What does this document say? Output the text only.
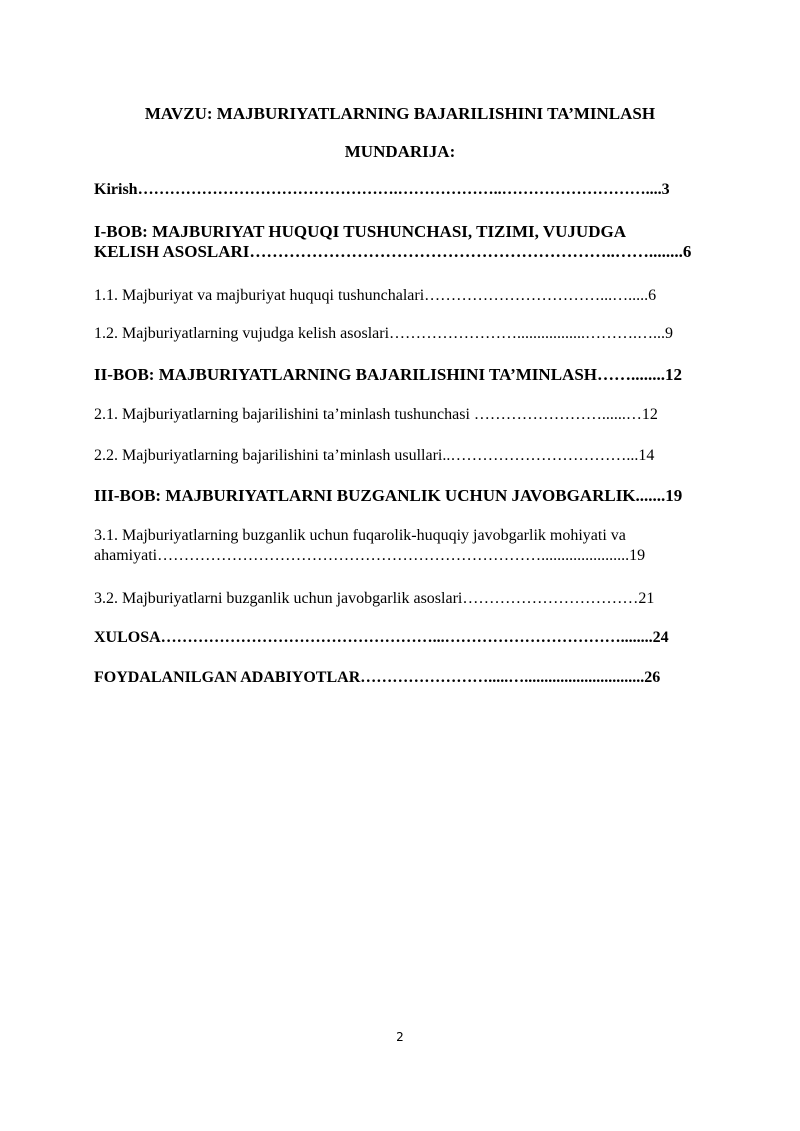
MAVZU: MAJBURIYATLARNING BAJARILISHINI TA’MINLASH
MUNDARIJA:
Kirish………………………………………….………………..………………………....3
I-BOB: MAJBURIYAT HUQUQI TUSHUNCHASI, TIZIMI, VUJUDGA
KELISH ASOSLARI………………………………………………………..……........6
1.1. Majburiyat va majburiyat huquqi tushunchalari……………………………...….....6
1.2. Majburiyatlarning vujudga kelish asoslari…………………….................……….…...9
II-BOB: MAJBURIYATLARNING BAJARILISHINI TA’MINLASH……........12
2.1. Majburiyatlarning bajarilishini ta’minlash tushunchasi ……………………......…12
2.2. Majburiyatlarning bajarilishini ta’minlash usullari..……………………………...14
III-BOB: MAJBURIYATLARNI BUZGANLIK UCHUN JAVOBGARLIK.......19
3.1. Majburiyatlarning buzganlik uchun fuqarolik-huquqiy javobgarlik mohiyati va
ahamiyati………………………………………………………………......................19
3.2. Majburiyatlarni buzganlik uchun javobgarlik asoslari……………………………21
XULOSA……………………………………………...……………………………........24
FOYDALANILGAN ADABIYOTLAR…………………….....…..............................26
2
